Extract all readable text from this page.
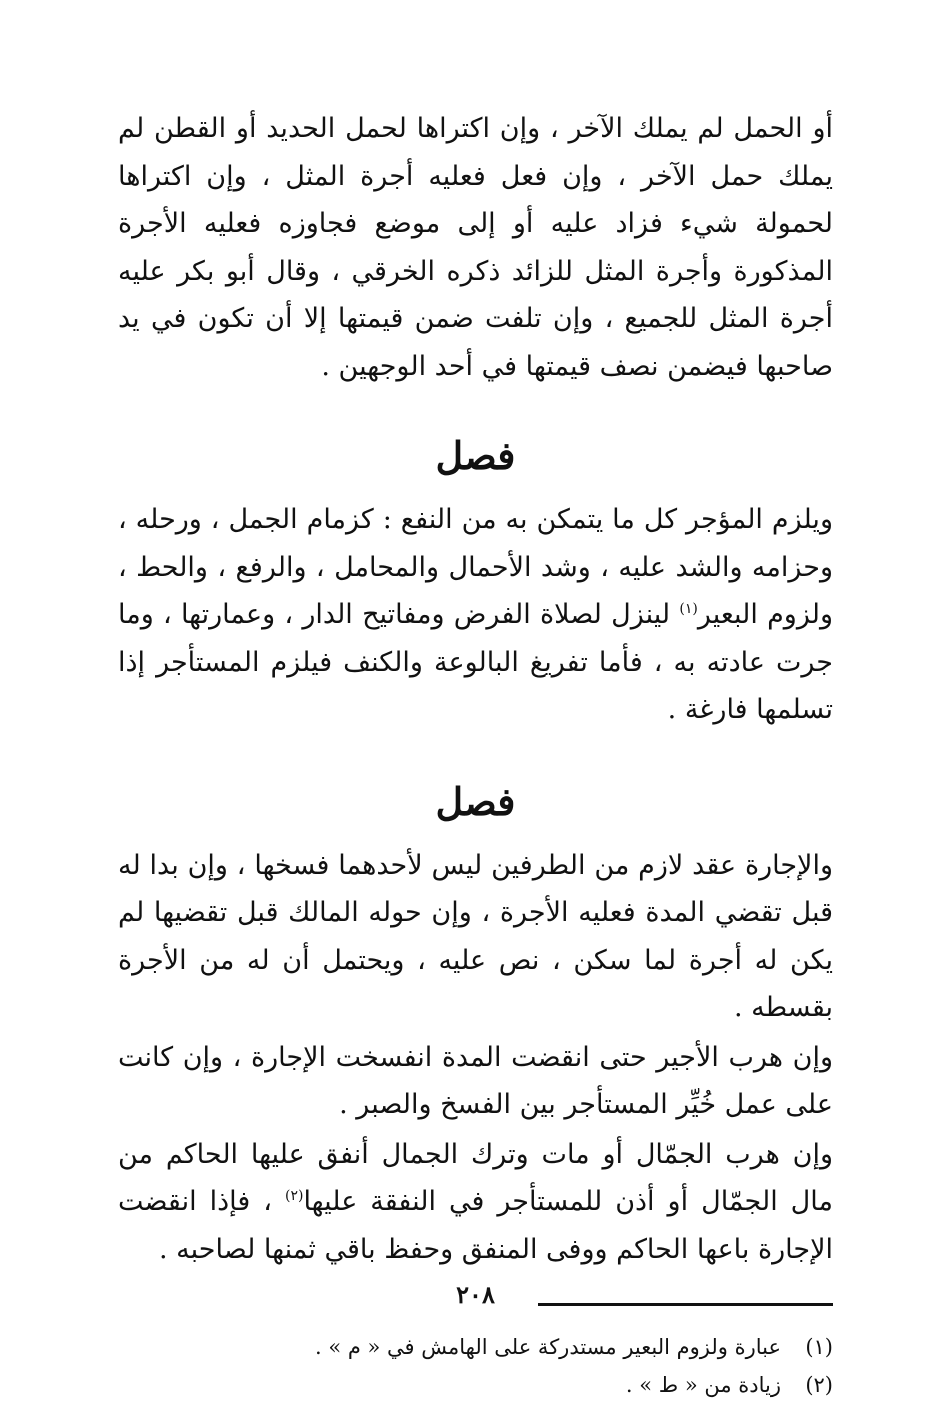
أو الحمل لم يملك الآخر ، وإن اكتراها لحمل الحديد أو القطن لم يملك حمل الآخر ، وإن فعل فعليه أجرة المثل ، وإن اكتراها لحمولة شيء فزاد عليه أو إلى موضع فجاوزه فعليه الأجرة المذكورة وأجرة المثل للزائد ذكره الخرقي ، وقال أبو بكر عليه أجرة المثل للجميع ، وإن تلفت ضمن قيمتها إلا أن تكون في يد صاحبها فيضمن نصف قيمتها في أحد الوجهين .

فصل

ويلزم المؤجر كل ما يتمكن به من النفع : كزمام الجمل ، ورحله ، وحزامه والشد عليه ، وشد الأحمال والمحامل ، والرفع ، والحط ، ولزوم البعير$^{(١)}$ لينزل لصلاة الفرض ومفاتيح الدار ، وعمارتها ، وما جرت عادته به ، فأما تفريغ البالوعة والكنف فيلزم المستأجر إذا تسلمها فارغة .

فصل

والإجارة عقد لازم من الطرفين ليس لأحدهما فسخها ، وإن بدا له قبل تقضي المدة فعليه الأجرة ، وإن حوله المالك قبل تقضيها لم يكن له أجرة لما سكن ، نص عليه ، ويحتمل أن له من الأجرة بقسطه .

وإن هرب الأجير حتى انقضت المدة انفسخت الإجارة ، وإن كانت على عمل خُيِّر المستأجر بين الفسخ والصبر .

وإن هرب الجمّال أو مات وترك الجمال أنفق عليها الحاكم من مال الجمّال أو أذن للمستأجر في النفقة عليها$^{(٢)}$ ، فإذا انقضت الإجارة باعها الحاكم ووفى المنفق وحفظ باقي ثمنها لصاحبه .

(١)
عبارة ولزوم البعير مستدركة على الهامش في « م » .
(٢)
زيادة من « ط » .
٢٠٨
